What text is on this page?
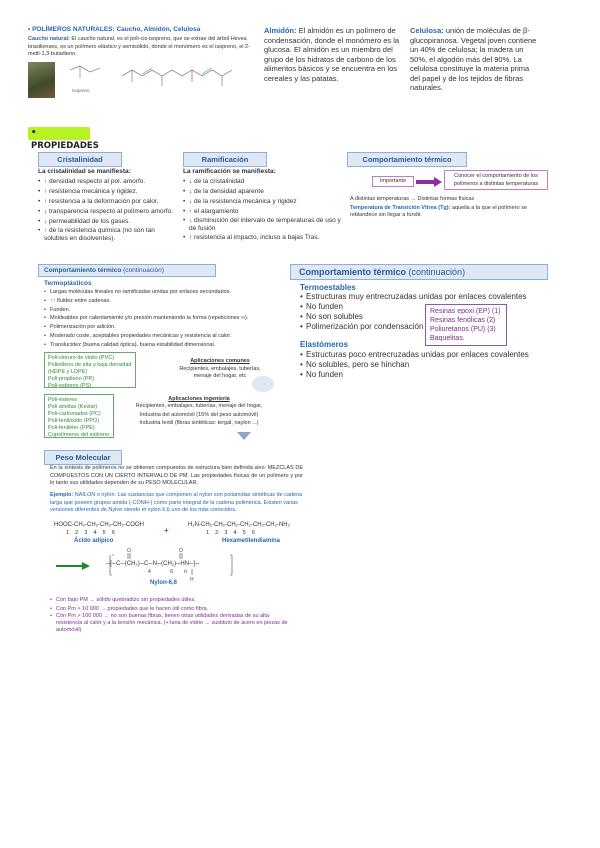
• POLÍMEROS NATURALES: Caucho, Almidón, Celulosa
Caucho natural: El caucho natural, es el poli-cis-isopreno, que se extrae del árbol Hevea brasilienses, es un polímero elástico y semisólido, donde el monómero es el isopreno, el 2-metil-1,3-butadieno.
Isopreno
Almidón: El almidón es un polímero de condensación, donde el monómero es la glucosa. El almidón es un miembro del grupo de los hidratos de carbono de los alimentos básicos y se encuentra en los cereales y las patatas.
Celulosa: unión de moléculas de β-glucopiranosa. Vegetal joven contiene un 40% de celulosa; la madera un 50%, el algodón más del 90%. La celulosa constituye la materia prima del papel y de los tejidos de fibras naturales.
• PROPIEDADES
Cristalinidad
La cristalinidad se manifiesta:
• ↑ densidad respecto al pol. amorfo.
• ↑ resistencia mecánica y rigidez.
• ↑ resistencia a la deformación por calor.
• ↓ transparencia respecto al polímero amorfo.
• ↓ permeabilidad de los gases.
• ↑ de la resistencia química (no son tan solubles en disolventes).
Ramificación
La ramificación se manifiesta:
• ↓ de la cristalinidad
• ↓ de la densidad aparente
• ↓ de la resistencia mecánica y rigidez
• ↑ el alargamiento
• ↓ disminución del intervalo de temperaturas de uso y de fusión
• ↑ resistencia al impacto, incluso a bajas Tras.
Comportamiento térmico
Importante
Conocer el comportamiento de los polímeros a distintas temperaturas
A distintas temperaturas → Distintas formas físicas
Temperatura de Transición Vítrea (Tg): aquella a la que el polímero se reblandece sin llegar a fundir.
Comportamiento térmico (continuación)
Termoplásticos
• Largas moléculas lineales no ramificadas unidas por enlaces secundarios.
• ↑↑ fluidez entre cadenas.
• Funden.
• Moldeables por calentamiento y/o presión manteniendo la forma (repeticiones ∞).
• Polimerización por adición.
• Moderado coste, aceptables propiedades mecánicas y resistencia al calor.
• Translucidez (buena calidad óptica), buena estabilidad dimensional.
Poli-cloruro de vinilo (PVC)
Polietileno de alta y baja densidad (HDPE y LDPE)
Poli-propileno (PP)
Poli-estireno (PS)
Aplicaciones comunes
Recipientes, embalajes, tuberías, menaje del hogar, etc
Poli-ésteres
Poli amidas (Kevlar)
Poli-carbonados (PC)
Poli-fenilóxido (PPO)
Poli-feniléter (PPE)
Copolímeros del estireno
Aplicaciones ingeniería
Recipientes, embalajes, tuberías, menaje del hogar,
Industria del automóvil (15% del peso automóvil)
Industria textil (fibras sintéticas: tergal, naylon ...)
Comportamiento térmico (continuación)
Termoestables
• Estructuras muy entrecruzadas unidas por enlaces covalentes
• No funden
• No son solubles
• Polimerización por condensación
Resinas epoxi (EP) (1)
Resinas fenólicas (2)
Poliuretanos (PU) (3)
Baquelitas.
Elastómeros
• Estructuras poco entrecruzadas unidas por enlaces covalentes
• No solubles, pero se hinchan
• No funden
Peso Molecular
En la síntesis de polímeros no se obtienen compuestos de estructura bien definida sino: MEZCLAS DE COMPUESTOS CON UN CIERTO INTERVALO DE PM. Las propiedades físicas de un polímero y por lo tanto sus utilidades dependen de su PESO MOLECULAR.
Ejemplo: NAILON o nylón. Las sustancias que componen al nylon son poliamidas sintéticas de cadena larga que poseen grupos amida (-CONH-) como parte integral de la cadena polimérica. Existen varias versiones diferentes de Nylon siendo el nylon 6,6 uno de los más conocidos.
HOOC-CH₂-CH₂-CH₂-CH₂-COOH
1    2    3    4    5    6
Ácido adípico
+
H₂N-CH₂-CH₂-CH₂-CH₂-CH₂-CH₂-NH₂
1    2    3    4    5    6
Hexametilendiamina
O	O
H
─[─C─(CH₂)─C─N─(CH₂)─HN─]─
4              6        n
Nylon-6,6
• Con bajo PM → sólido quebradizo sin propiedades útiles.
• Con Pm > 10 000 → propiedades que le hacen útil como fibra.
• Con Pm > 100 000 → no son buenas fibras, tienen otras utilidades derivadas de su alta resistencia al calor y a la tensión mecánica. (+ lana de vidrio → sustituto de acero en piezas de automóvil)
